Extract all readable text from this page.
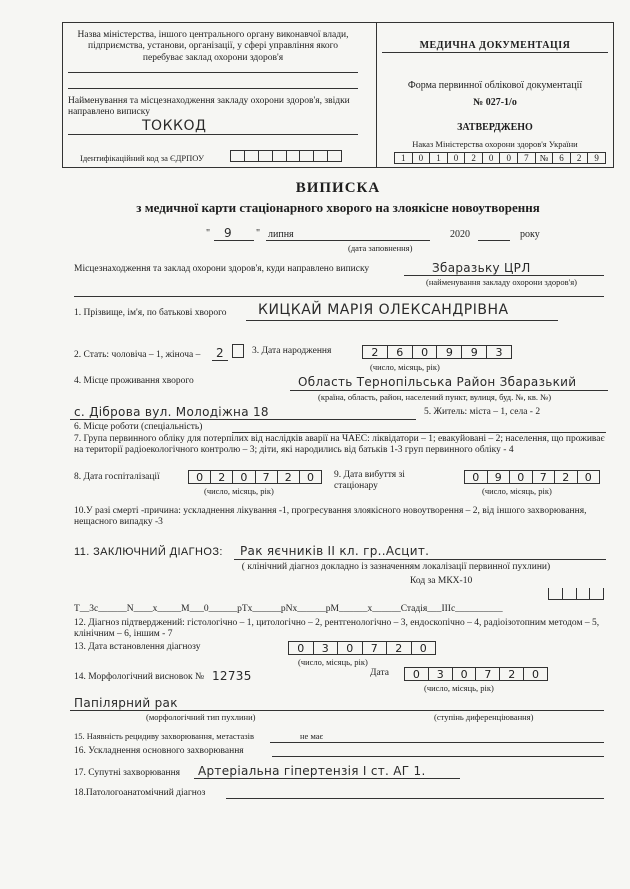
Назва міністерства, іншого центрального органу виконавчої влади, підприємства, установи, організації, у сфері управління якого перебуває заклад охорони здоров'я
Найменування та місцезнаходження закладу охорони здоров'я, звідки направлено виписку
ТОККОД
Ідентифікаційний код за ЄДРПОУ
МЕДИЧНА ДОКУМЕНТАЦІЯ
Форма первинної облікової документації
№ 027-1/о
ЗАТВЕРДЖЕНО
Наказ Міністерства охорони здоров'я України
1	0	1	0	2	0	0	7	№	6	2	9
ВИПИСКА
з медичної карти стаціонарного хворого на злоякісне новоутворення
" 9 " липня	2020	року
(дата заповнення)
Місцезнаходження та заклад охорони здоров'я, куди направлено виписку	Збаразьку ЦРЛ
(найменування закладу охорони здоров'я)
1. Прізвище, ім'я, по батькові хворого КИЦКАЙ МАРІЯ ОЛЕКСАНДРІВНА
2. Стать: чоловіча – 1, жіноча – 2	3. Дата народження	2	6	0	9	9	3
(число, місяць, рік)
4. Місце проживання хворого	Область Тернопільська Район Збаразький
(країна, область, район, населений пункт, вулиця, буд. №, кв. №)
с. Діброва вул. Молодіжна 18	5. Житель: міста – 1, села - 2
6. Місце роботи (спеціальність)
7. Група первинного обліку для потерпілих від наслідків аварії на ЧАЕС: ліквідатори – 1; евакуйовані – 2; населення, що проживає на території радіоекологічного контролю – 3; діти, які народились від батьків 1-3 груп первинного обліку - 4
8. Дата госпіталізації	0	2	0	7	2	0
(число, місяць, рік)
9. Дата вибуття зі стаціонару
0	9	0	7	2	0
(число, місяць, рік)
10.У разі смерті -причина: ускладнення лікування -1, прогресування злоякісного новоутворення – 2, від іншого захворювання, нещасного випадку -3
11. ЗАКЛЮЧНИЙ ДІАГНОЗ: Рак яєчників ІІ кл. гр..Асцит.
( клінічний діагноз докладно із зазначенням локалізації первинної пухлини)
Код за МКХ-10
T__3c______N____x_____M___0______pTx______pNx______pM______x______Стадія___IIIc__________
12. Діагноз підтверджений: гістологічно – 1, цитологічно – 2, рентгенологічно – 3, ендоскопічно – 4, радіоізотопним методом – 5, клінічним – 6, іншим - 7
13. Дата встановлення діагнозу	0	3	0	7	2	0
(число, місяць, рік)
14. Морфологічний висновок № 12735	Дата	0	3	0	7	2	0
(число, місяць, рік)
Папілярний рак
(морфологічний тип пухлини)	(ступінь диференціювання)
15. Наявність рецидиву захворювання, метастазів	не має
16. Ускладнення основного захворювання
17. Супутні захворювання Артеріальна гіпертензія І ст. АГ 1.
18.Патологоанатомічний діагноз
